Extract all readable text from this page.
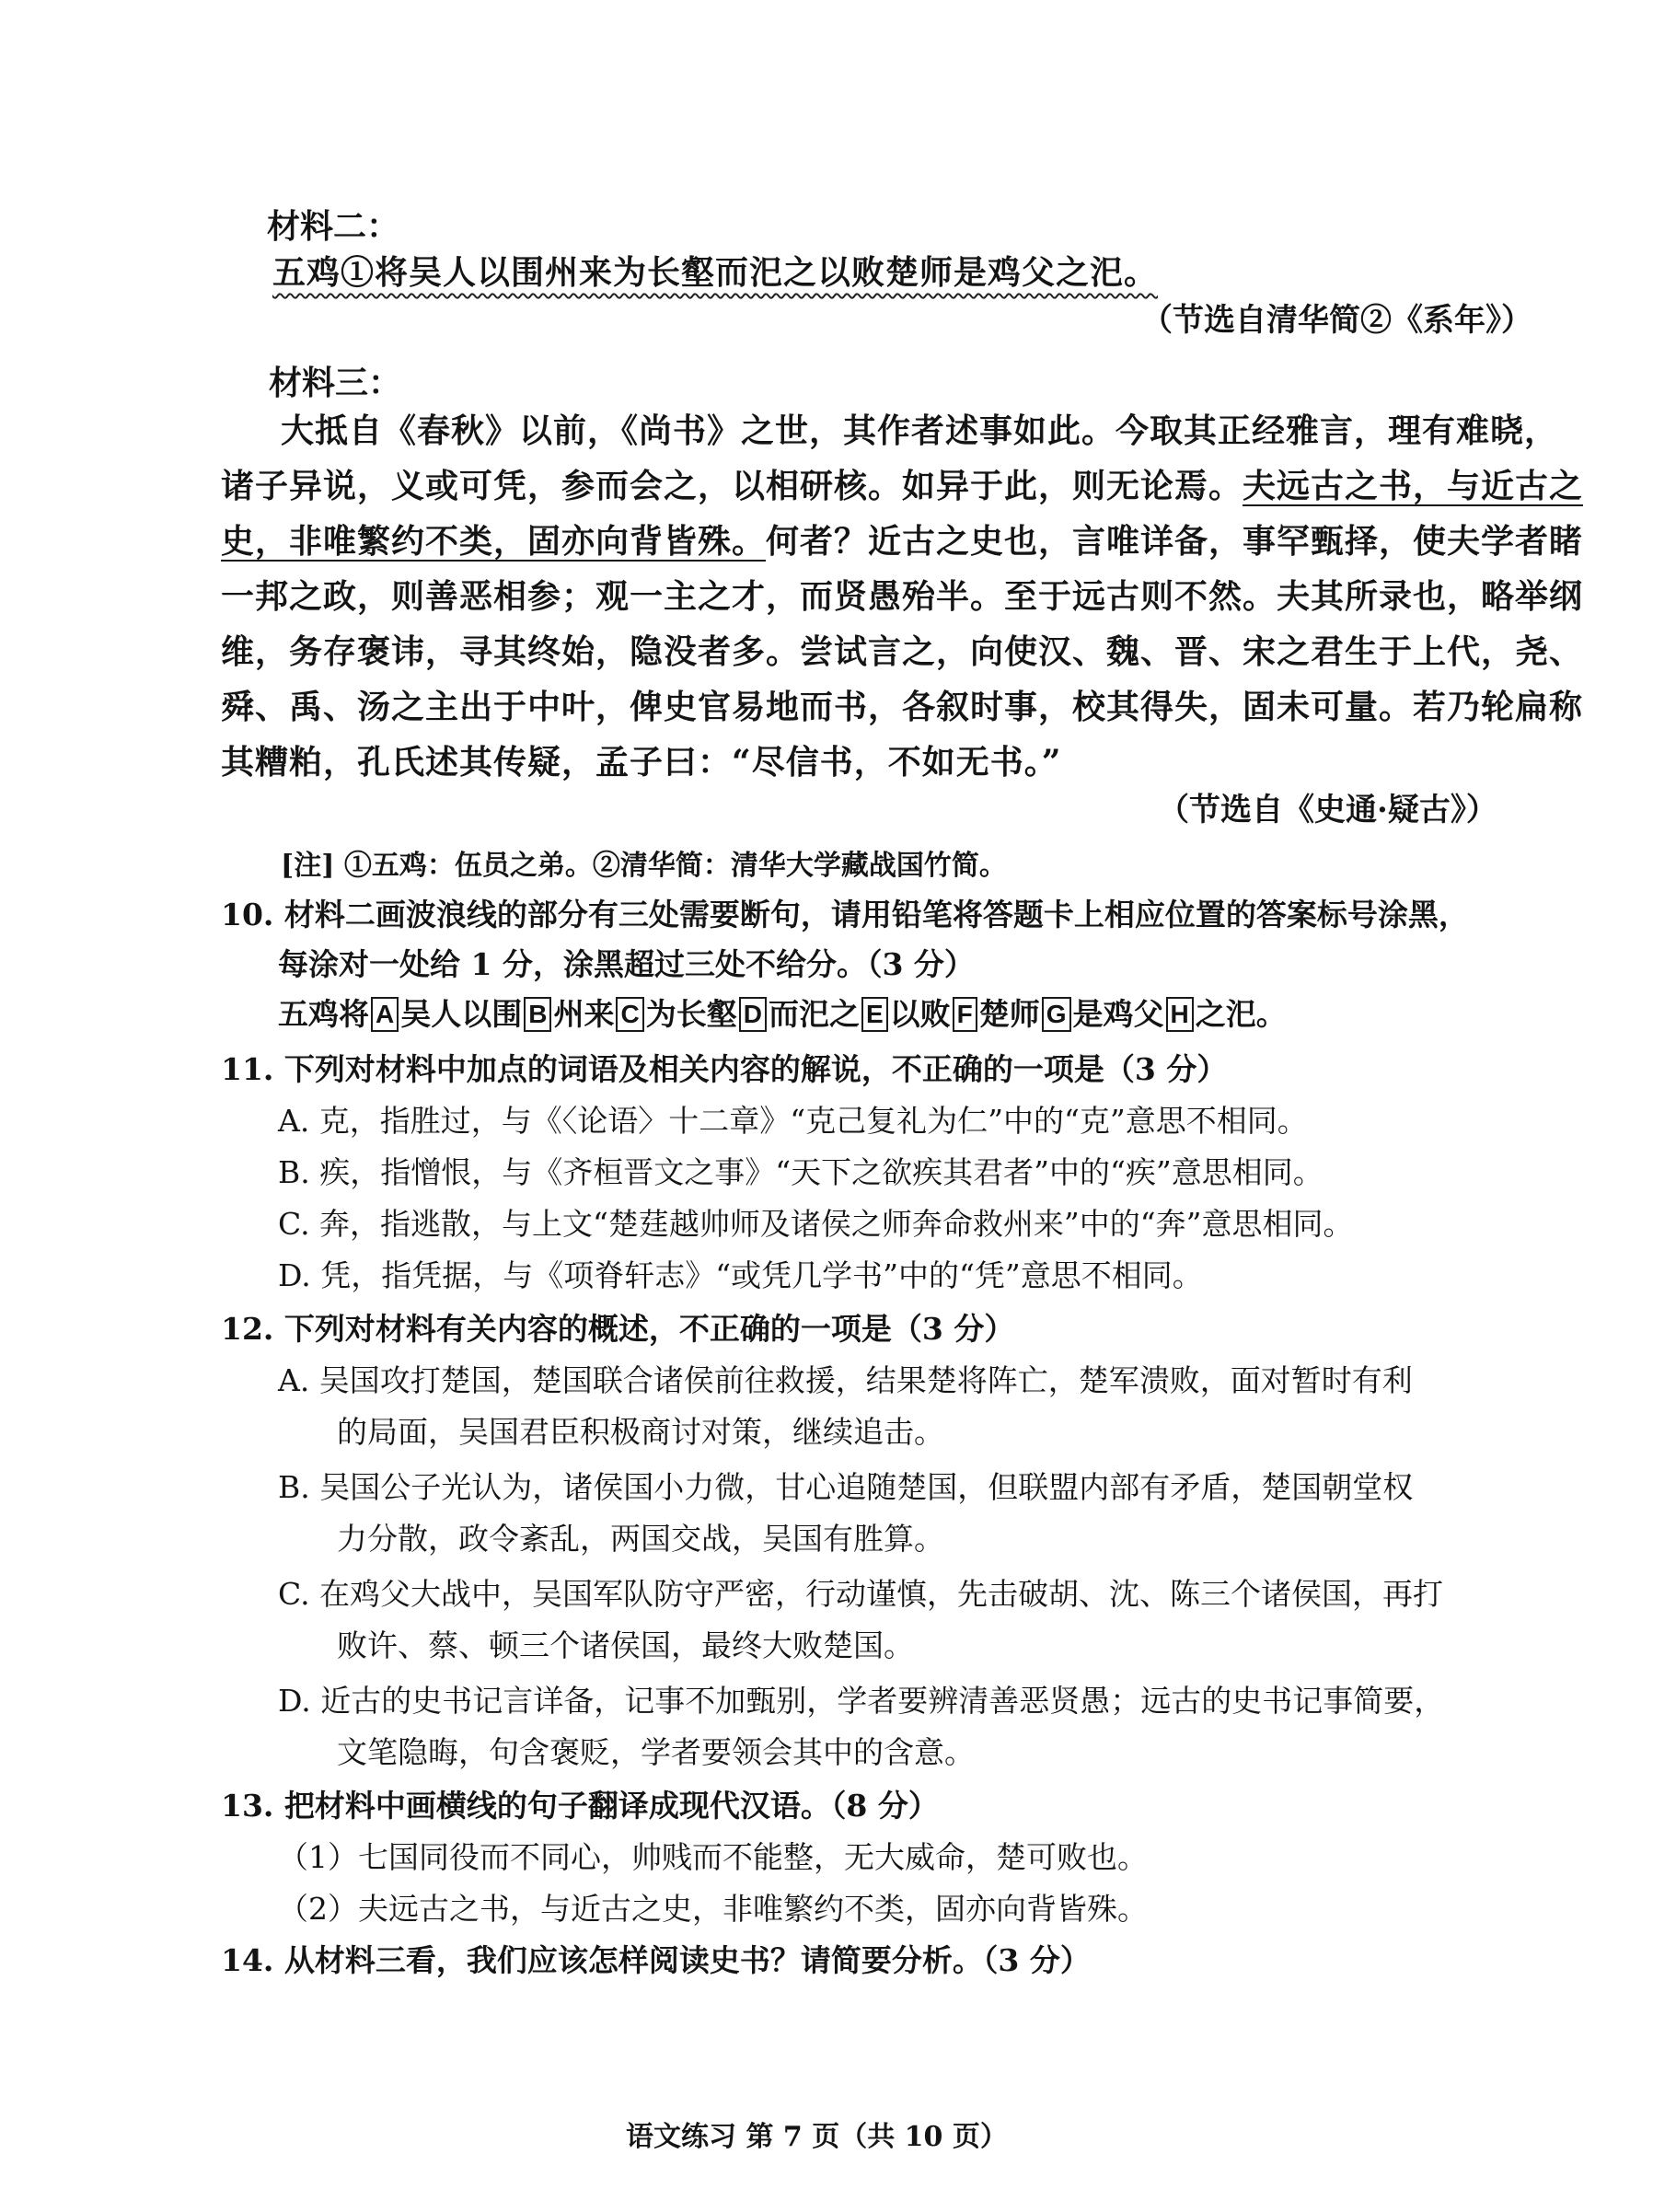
材料二：
五鸡①将吴人以围州来为长壑而汜之以败楚师是鸡父之汜。
（节选自清华简②《系年》）
材料三：
大抵自《春秋》以前，《尚书》之世，其作者述事如此。今取其正经雅言，理有难晓，
诸子异说，义或可凭，参而会之，以相研核。如异于此，则无论焉。夫远古之书，与近古之
史，非唯繁约不类，固亦向背皆殊。何者？近古之史也，言唯详备，事罕甄择，使夫学者睹
一邦之政，则善恶相参；观一主之才，而贤愚殆半。至于远古则不然。夫其所录也，略举纲
维，务存褒讳，寻其终始，隐没者多。尝试言之，向使汉、魏、晋、宋之君生于上代，尧、
舜、禹、汤之主出于中叶，俾史官易地而书，各叙时事，校其得失，固未可量。若乃轮扁称
其糟粕，孔氏述其传疑，孟子曰：“尽信书，不如无书。”
（节选自《史通·疑古》）
[注] ①五鸡：伍员之弟。②清华简：清华大学藏战国竹简。
10. 材料二画波浪线的部分有三处需要断句，请用铅笔将答题卡上相应位置的答案标号涂黑，
每涂对一处给 1 分，涂黑超过三处不给分。（3 分）
五鸡将 A 吴人以围 B 州来 C 为长壑 D 而汜之 E 以败 F 楚师 G 是鸡父 H 之汜。
11. 下列对材料中加点的词语及相关内容的解说，不正确的一项是（3 分）
A. 克，指胜过，与《〈论语〉十二章》“克己复礼为仁”中的“克”意思不相同。
B. 疾，指憎恨，与《齐桓晋文之事》“天下之欲疾其君者”中的“疾”意思相同。
C. 奔，指逃散，与上文“楚莛越帅师及诸侯之师奔命救州来”中的“奔”意思相同。
D. 凭，指凭据，与《项脊轩志》“或凭几学书”中的“凭”意思不相同。
12. 下列对材料有关内容的概述，不正确的一项是（3 分）
A. 吴国攻打楚国，楚国联合诸侯前往救援，结果楚将阵亡，楚军溃败，面对暂时有利
的局面，吴国君臣积极商讨对策，继续追击。
B. 吴国公子光认为，诸侯国小力微，甘心追随楚国，但联盟内部有矛盾，楚国朝堂权
力分散，政令紊乱，两国交战，吴国有胜算。
C. 在鸡父大战中，吴国军队防守严密，行动谨慎，先击破胡、沈、陈三个诸侯国，再打
败许、蔡、顿三个诸侯国，最终大败楚国。
D. 近古的史书记言详备，记事不加甄别，学者要辨清善恶贤愚；远古的史书记事简要，
文笔隐晦，句含褒贬，学者要领会其中的含意。
13. 把材料中画横线的句子翻译成现代汉语。（8 分）
（1）七国同役而不同心，帅贱而不能整，无大威命，楚可败也。
（2）夫远古之书，与近古之史，非唯繁约不类，固亦向背皆殊。
14. 从材料三看，我们应该怎样阅读史书？请简要分析。（3 分）
语文练习 第 7 页（共 10 页）
